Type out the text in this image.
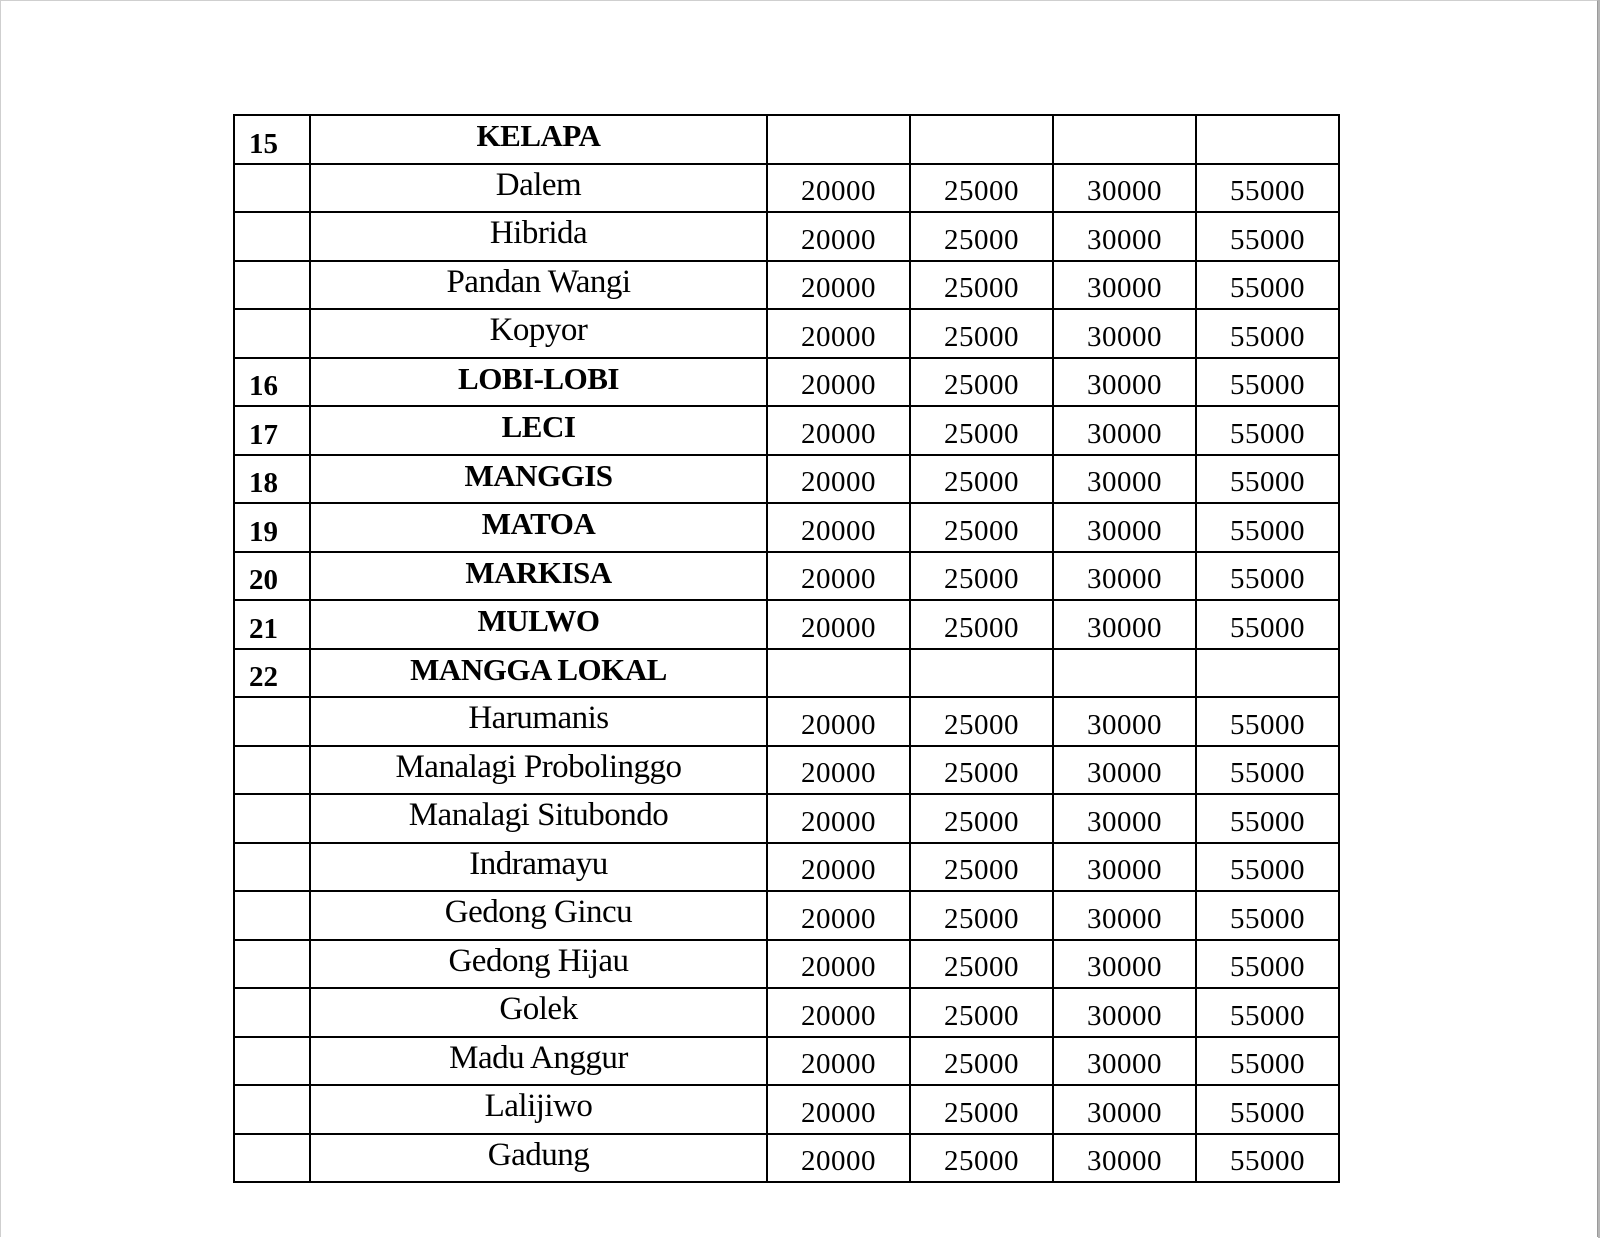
15	KELAPA				
	Dalem	20000	25000	30000	55000
	Hibrida	20000	25000	30000	55000
	Pandan Wangi	20000	25000	30000	55000
	Kopyor	20000	25000	30000	55000
16	LOBI-LOBI	20000	25000	30000	55000
17	LECI	20000	25000	30000	55000
18	MANGGIS	20000	25000	30000	55000
19	MATOA	20000	25000	30000	55000
20	MARKISA	20000	25000	30000	55000
21	MULWO	20000	25000	30000	55000
22	MANGGA LOKAL				
	Harumanis	20000	25000	30000	55000
	Manalagi Probolinggo	20000	25000	30000	55000
	Manalagi Situbondo	20000	25000	30000	55000
	Indramayu	20000	25000	30000	55000
	Gedong Gincu	20000	25000	30000	55000
	Gedong Hijau	20000	25000	30000	55000
	Golek	20000	25000	30000	55000
	Madu Anggur	20000	25000	30000	55000
	Lalijiwo	20000	25000	30000	55000
	Gadung	20000	25000	30000	55000
